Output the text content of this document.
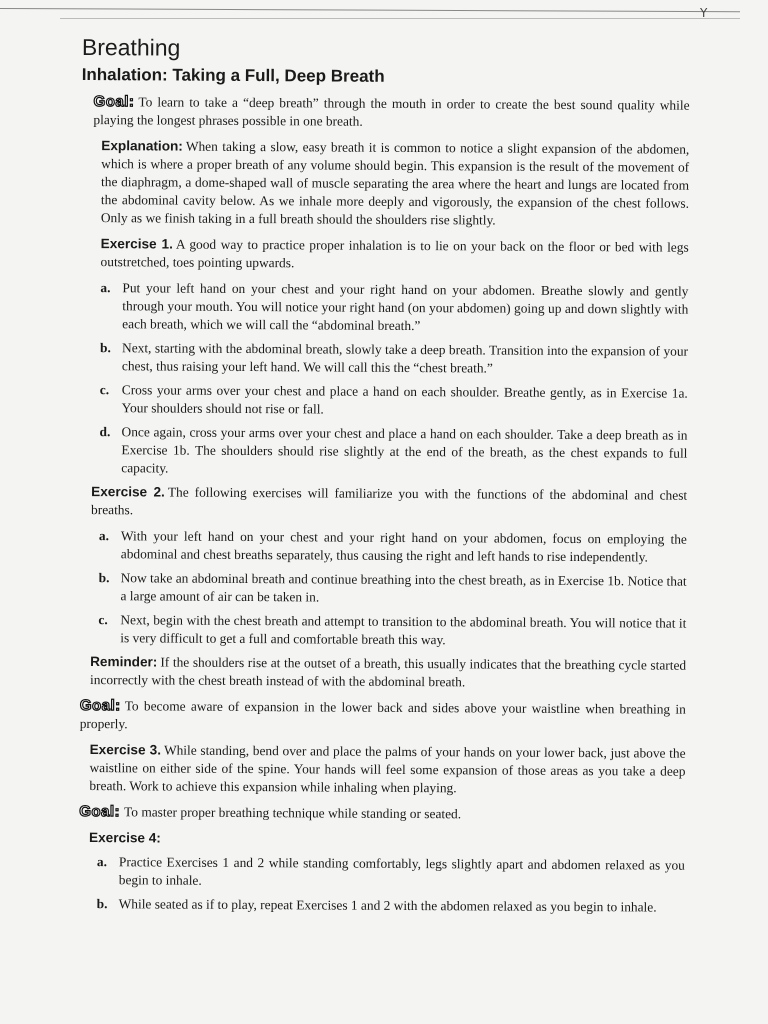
Y
Breathing
Inhalation: Taking a Full, Deep Breath

Goal: To learn to take a “deep breath” through the mouth in order to create the best sound quality while playing the longest phrases possible in one breath.

Explanation: When taking a slow, easy breath it is common to notice a slight expansion of the abdomen, which is where a proper breath of any volume should begin. This expansion is the result of the movement of the diaphragm, a dome-shaped wall of muscle separating the area where the heart and lungs are located from the abdominal cavity below. As we inhale more deeply and vigorously, the expansion of the chest follows. Only as we finish taking in a full breath should the shoulders rise slightly.

Exercise 1. A good way to practice proper inhalation is to lie on your back on the floor or bed with legs outstretched, toes pointing upwards.

a. Put your left hand on your chest and your right hand on your abdomen. Breathe slowly and gently through your mouth. You will notice your right hand (on your abdomen) going up and down slightly with each breath, which we will call the “abdominal breath.”
b. Next, starting with the abdominal breath, slowly take a deep breath. Transition into the expansion of your chest, thus raising your left hand. We will call this the “chest breath.”
c. Cross your arms over your chest and place a hand on each shoulder. Breathe gently, as in Exercise 1a. Your shoulders should not rise or fall.
d. Once again, cross your arms over your chest and place a hand on each shoulder. Take a deep breath as in Exercise 1b. The shoulders should rise slightly at the end of the breath, as the chest expands to full capacity.

Exercise 2. The following exercises will familiarize you with the functions of the abdominal and chest breaths.

a. With your left hand on your chest and your right hand on your abdomen, focus on employing the abdominal and chest breaths separately, thus causing the right and left hands to rise independently.
b. Now take an abdominal breath and continue breathing into the chest breath, as in Exercise 1b. Notice that a large amount of air can be taken in.
c. Next, begin with the chest breath and attempt to transition to the abdominal breath. You will notice that it is very difficult to get a full and comfortable breath this way.

Reminder: If the shoulders rise at the outset of a breath, this usually indicates that the breathing cycle started incorrectly with the chest breath instead of with the abdominal breath.

Goal: To become aware of expansion in the lower back and sides above your waistline when breathing in properly.

Exercise 3. While standing, bend over and place the palms of your hands on your lower back, just above the waistline on either side of the spine. Your hands will feel some expansion of those areas as you take a deep breath. Work to achieve this expansion while inhaling when playing.

Goal: To master proper breathing technique while standing or seated.

Exercise 4:
a. Practice Exercises 1 and 2 while standing comfortably, legs slightly apart and abdomen relaxed as you begin to inhale.
b. While seated as if to play, repeat Exercises 1 and 2 with the abdomen relaxed as you begin to inhale.
